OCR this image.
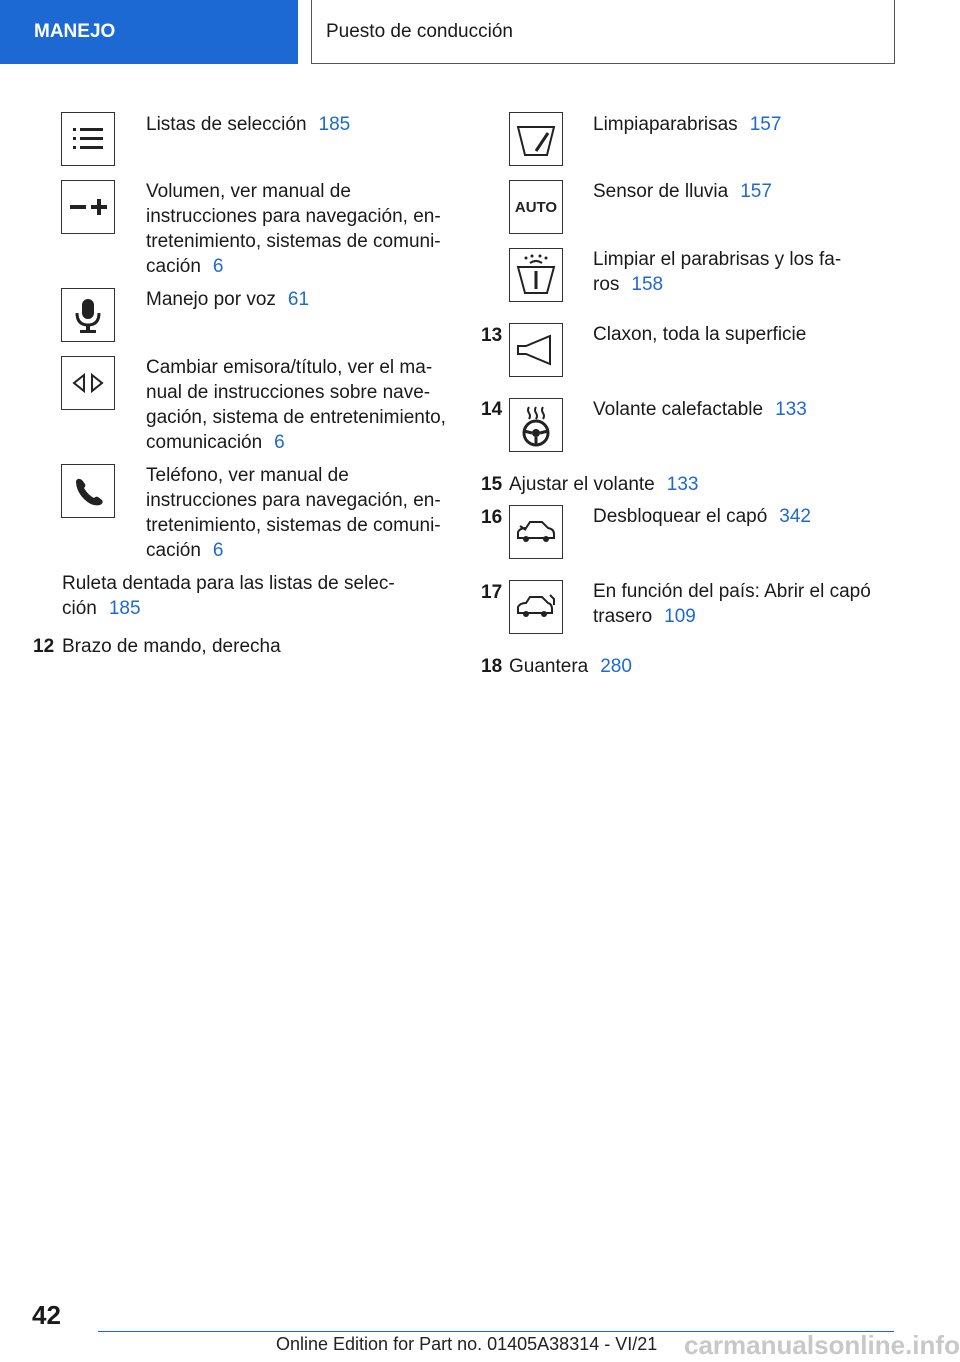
MANEJO	Puesto de conducción
Listas de selección 185
Volumen, ver manual de instrucciones para navegación, en-tretenimiento, sistemas de comuni-cación 6
Manejo por voz 61
Cambiar emisora/título, ver el ma-nual de instrucciones sobre nave-gación, sistema de entretenimiento, comunicación 6
Teléfono, ver manual de instrucciones para navegación, en-tretenimiento, sistemas de comuni-cación 6
Ruleta dentada para las listas de selec-ción 185
12 Brazo de mando, derecha
Limpiaparabrisas 157
AUTO
Sensor de lluvia 157
Limpiar el parabrisas y los fa-ros 158
13	Claxon, toda la superficie
14	Volante calefactable 133
15 Ajustar el volante 133
16	Desbloquear el capó 342
17	En función del país: Abrir el capó trasero 109
18 Guantera 280
42
Online Edition for Part no. 01405A38314 - VI/21 carmanualsonline.info
